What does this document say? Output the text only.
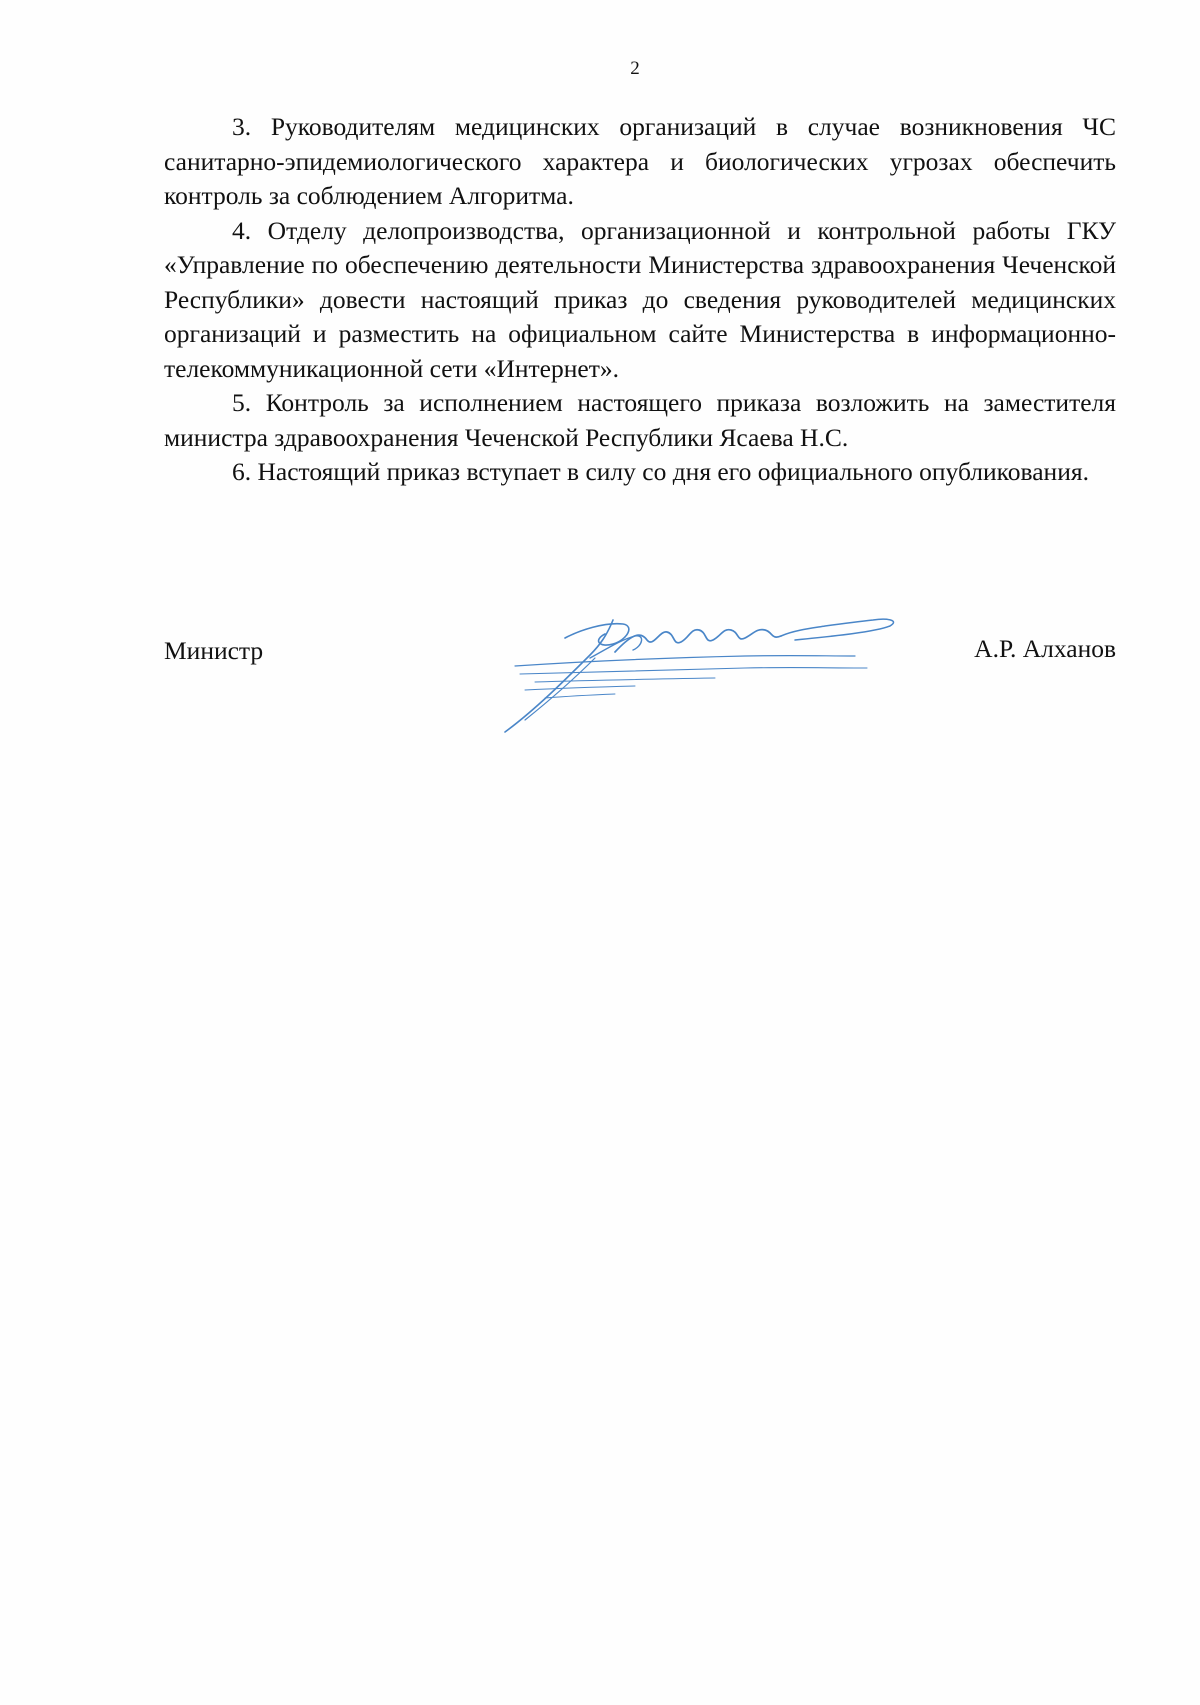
2

3. Руководителям медицинских организаций в случае возникновения ЧС санитарно-эпидемиологического характера и биологических угрозах обеспечить контроль за соблюдением Алгоритма.

4. Отделу делопроизводства, организационной и контрольной работы ГКУ «Управление по обеспечению деятельности Министерства здравоохранения Чеченской Республики» довести настоящий приказ до сведения руководителей медицинских организаций и разместить на официальном сайте Министерства в информационно-телекоммуникационной сети «Интернет».

5. Контроль за исполнением настоящего приказа возложить на заместителя министра здравоохранения Чеченской Республики Ясаева Н.С.

6. Настоящий приказ вступает в силу со дня его официального опубликования.

Министр	А.Р. Алханов
